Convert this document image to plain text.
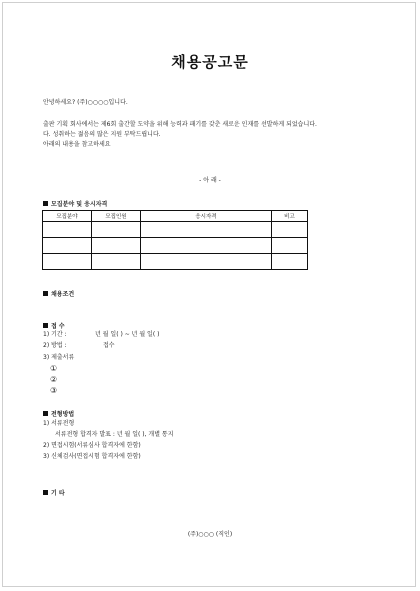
채용공고문
안녕하세요? (주)○○○○입니다.
출판 기획 회사에서는 제6회 출간할 도약을 위해 능력과 패기를 갖춘 새로운 인재를 선발하게 되었습니다.
다. 성취하는 젊음의 많은 지원 부탁드립니다.
아래의 내용을 참고하세요
- 아 래 -
모집분야 및 응시자격
모집분야	모집인원	응시자격	비고

채용조건
접 수
1) 기간 :	년 월 일( ) ~ 년 월 일( )
2) 방법 :	접수
3) 제출서류
①
②
③
전형방법
1) 서류전형
서류전형 합격자 발표 : 년 월 일( ), 개별 통지
2) 면접시험(서류심사 합격자에 한함)
3) 신체검사(면접시험 합격자에 한함)
기 타
(주)○○○ (직인)
